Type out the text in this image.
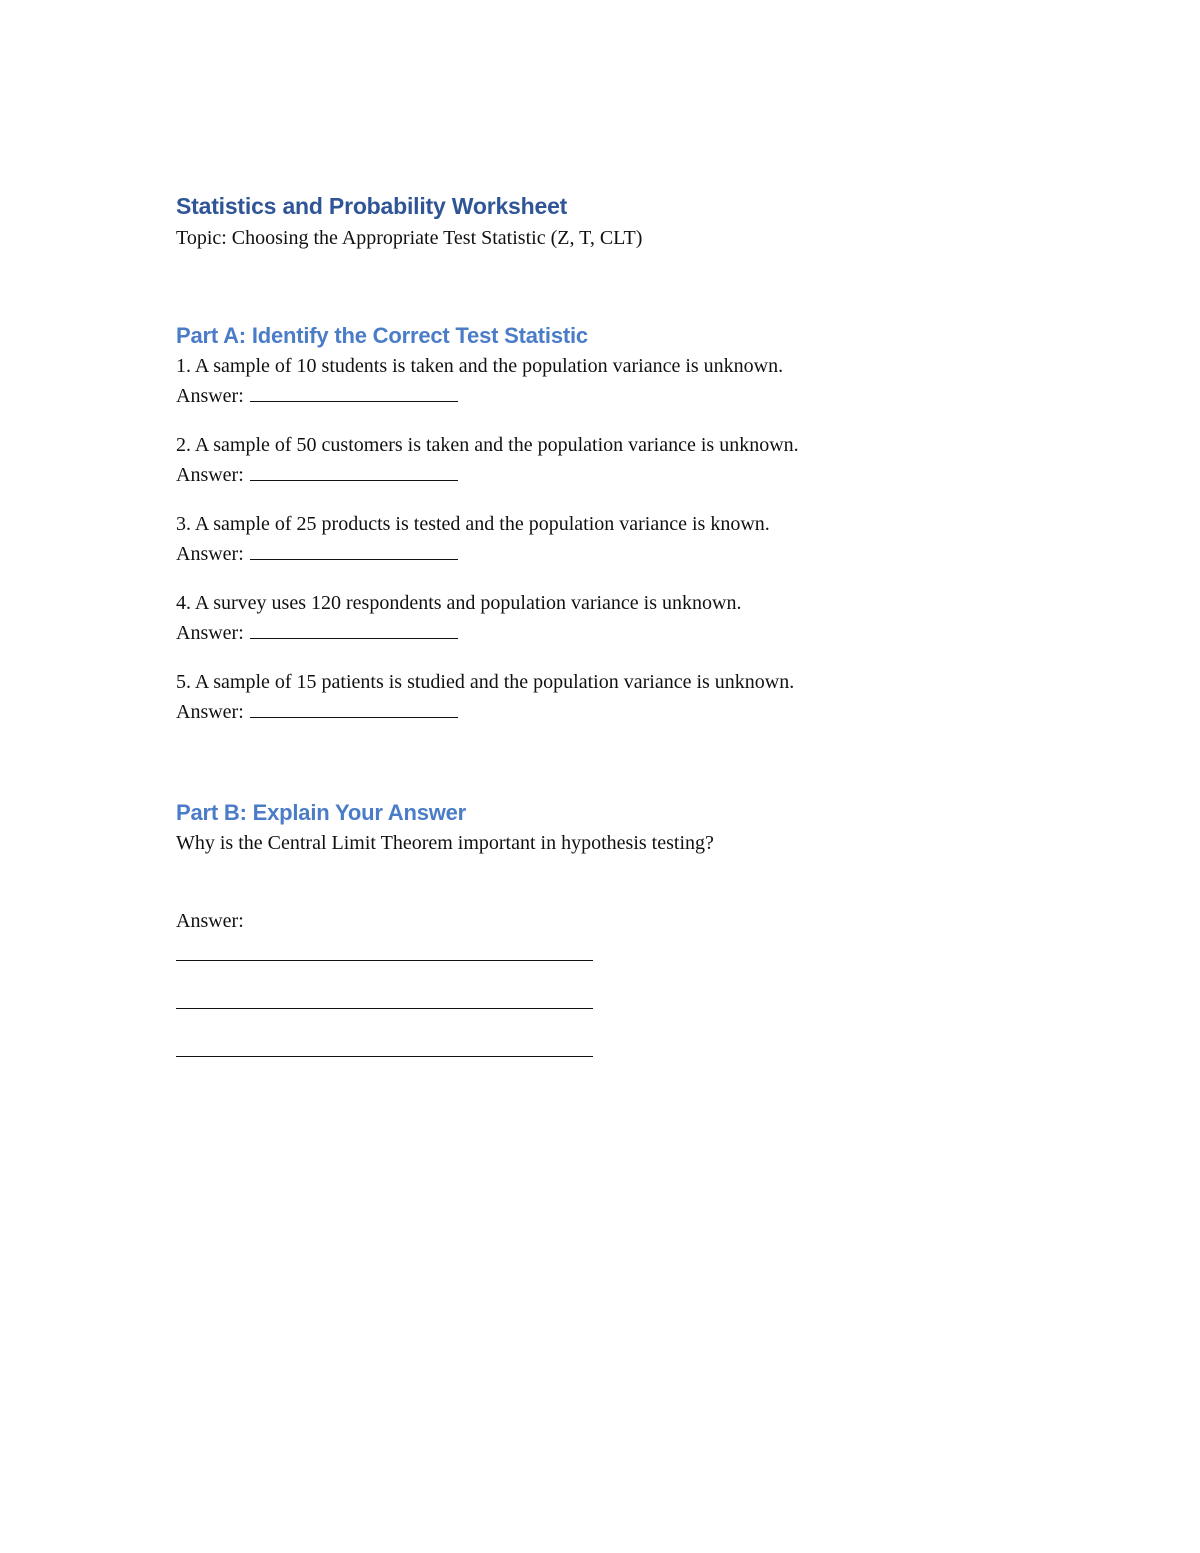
Statistics and Probability Worksheet

Topic: Choosing the Appropriate Test Statistic (Z, T, CLT)

Part A: Identify the Correct Test Statistic
1. A sample of 10 students is taken and the population variance is unknown.
Answer:
2. A sample of 50 customers is taken and the population variance is unknown.
Answer:
3. A sample of 25 products is tested and the population variance is known.
Answer:
4. A survey uses 120 respondents and population variance is unknown.
Answer:
5. A sample of 15 patients is studied and the population variance is unknown.
Answer:
Part B: Explain Your Answer
Why is the Central Limit Theorem important in hypothesis testing?
Answer:
